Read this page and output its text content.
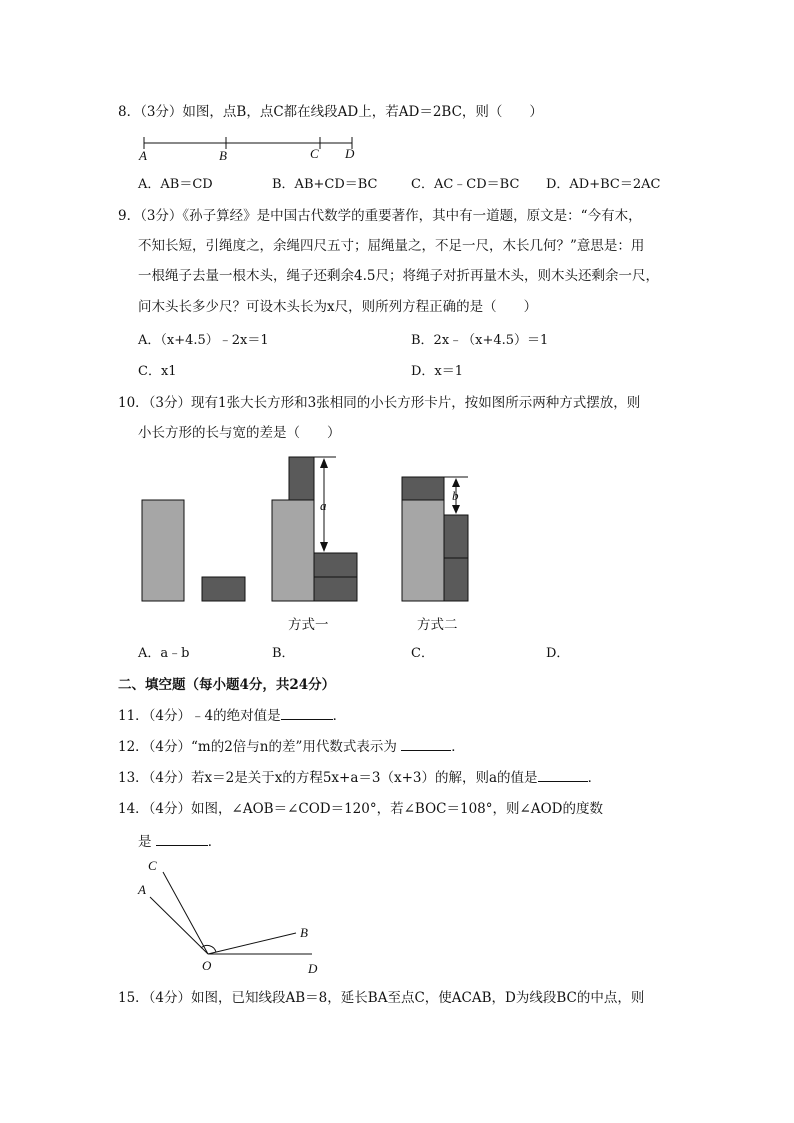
8．（3分）如图，点B，点C都在线段AD上，若AD＝2BC，则（　　）
A	B	C D
A．AB＝CD	B．AB+CD＝BC	C．AC﹣CD＝BC D．AD+BC＝2AC
9．（3分）《孙子算经》是中国古代数学的重要著作，其中有一道题，原文是：“今有木，
不知长短，引绳度之，余绳四尺五寸；屈绳量之，不足一尺，木长几何？”意思是：用
一根绳子去量一根木头，绳子还剩余4.5尺；将绳子对折再量木头，则木头还剩余一尺，
问木头长多少尺？可设木头长为x尺，则所列方程正确的是（　　）
A．（x+4.5）﹣2x＝1	B．2x﹣（x+4.5）＝1
C．x1	D．x＝1
10．（3分）现有1张大长方形和3张相同的小长方形卡片，按如图所示两种方式摆放，则
小长方形的长与宽的差是（　　）
a
b
方式一	方式二
A．a﹣b	B．	C．	D．
二、填空题（每小题4分，共24分）
11．（4分）﹣4的绝对值是	．
12．（4分）“m的2倍与n的差”用代数式表示为	．
13．（4分）若x＝2是关于x的方程5x+a＝3（x+3）的解，则a的值是	．
14．（4分）如图，∠AOB＝∠COD＝120°，若∠BOC＝108°，则∠AOD的度数
是	．
C
A
B
O	D
15．（4分）如图，已知线段AB＝8，延长BA至点C，使ACAB，D为线段BC的中点，则
